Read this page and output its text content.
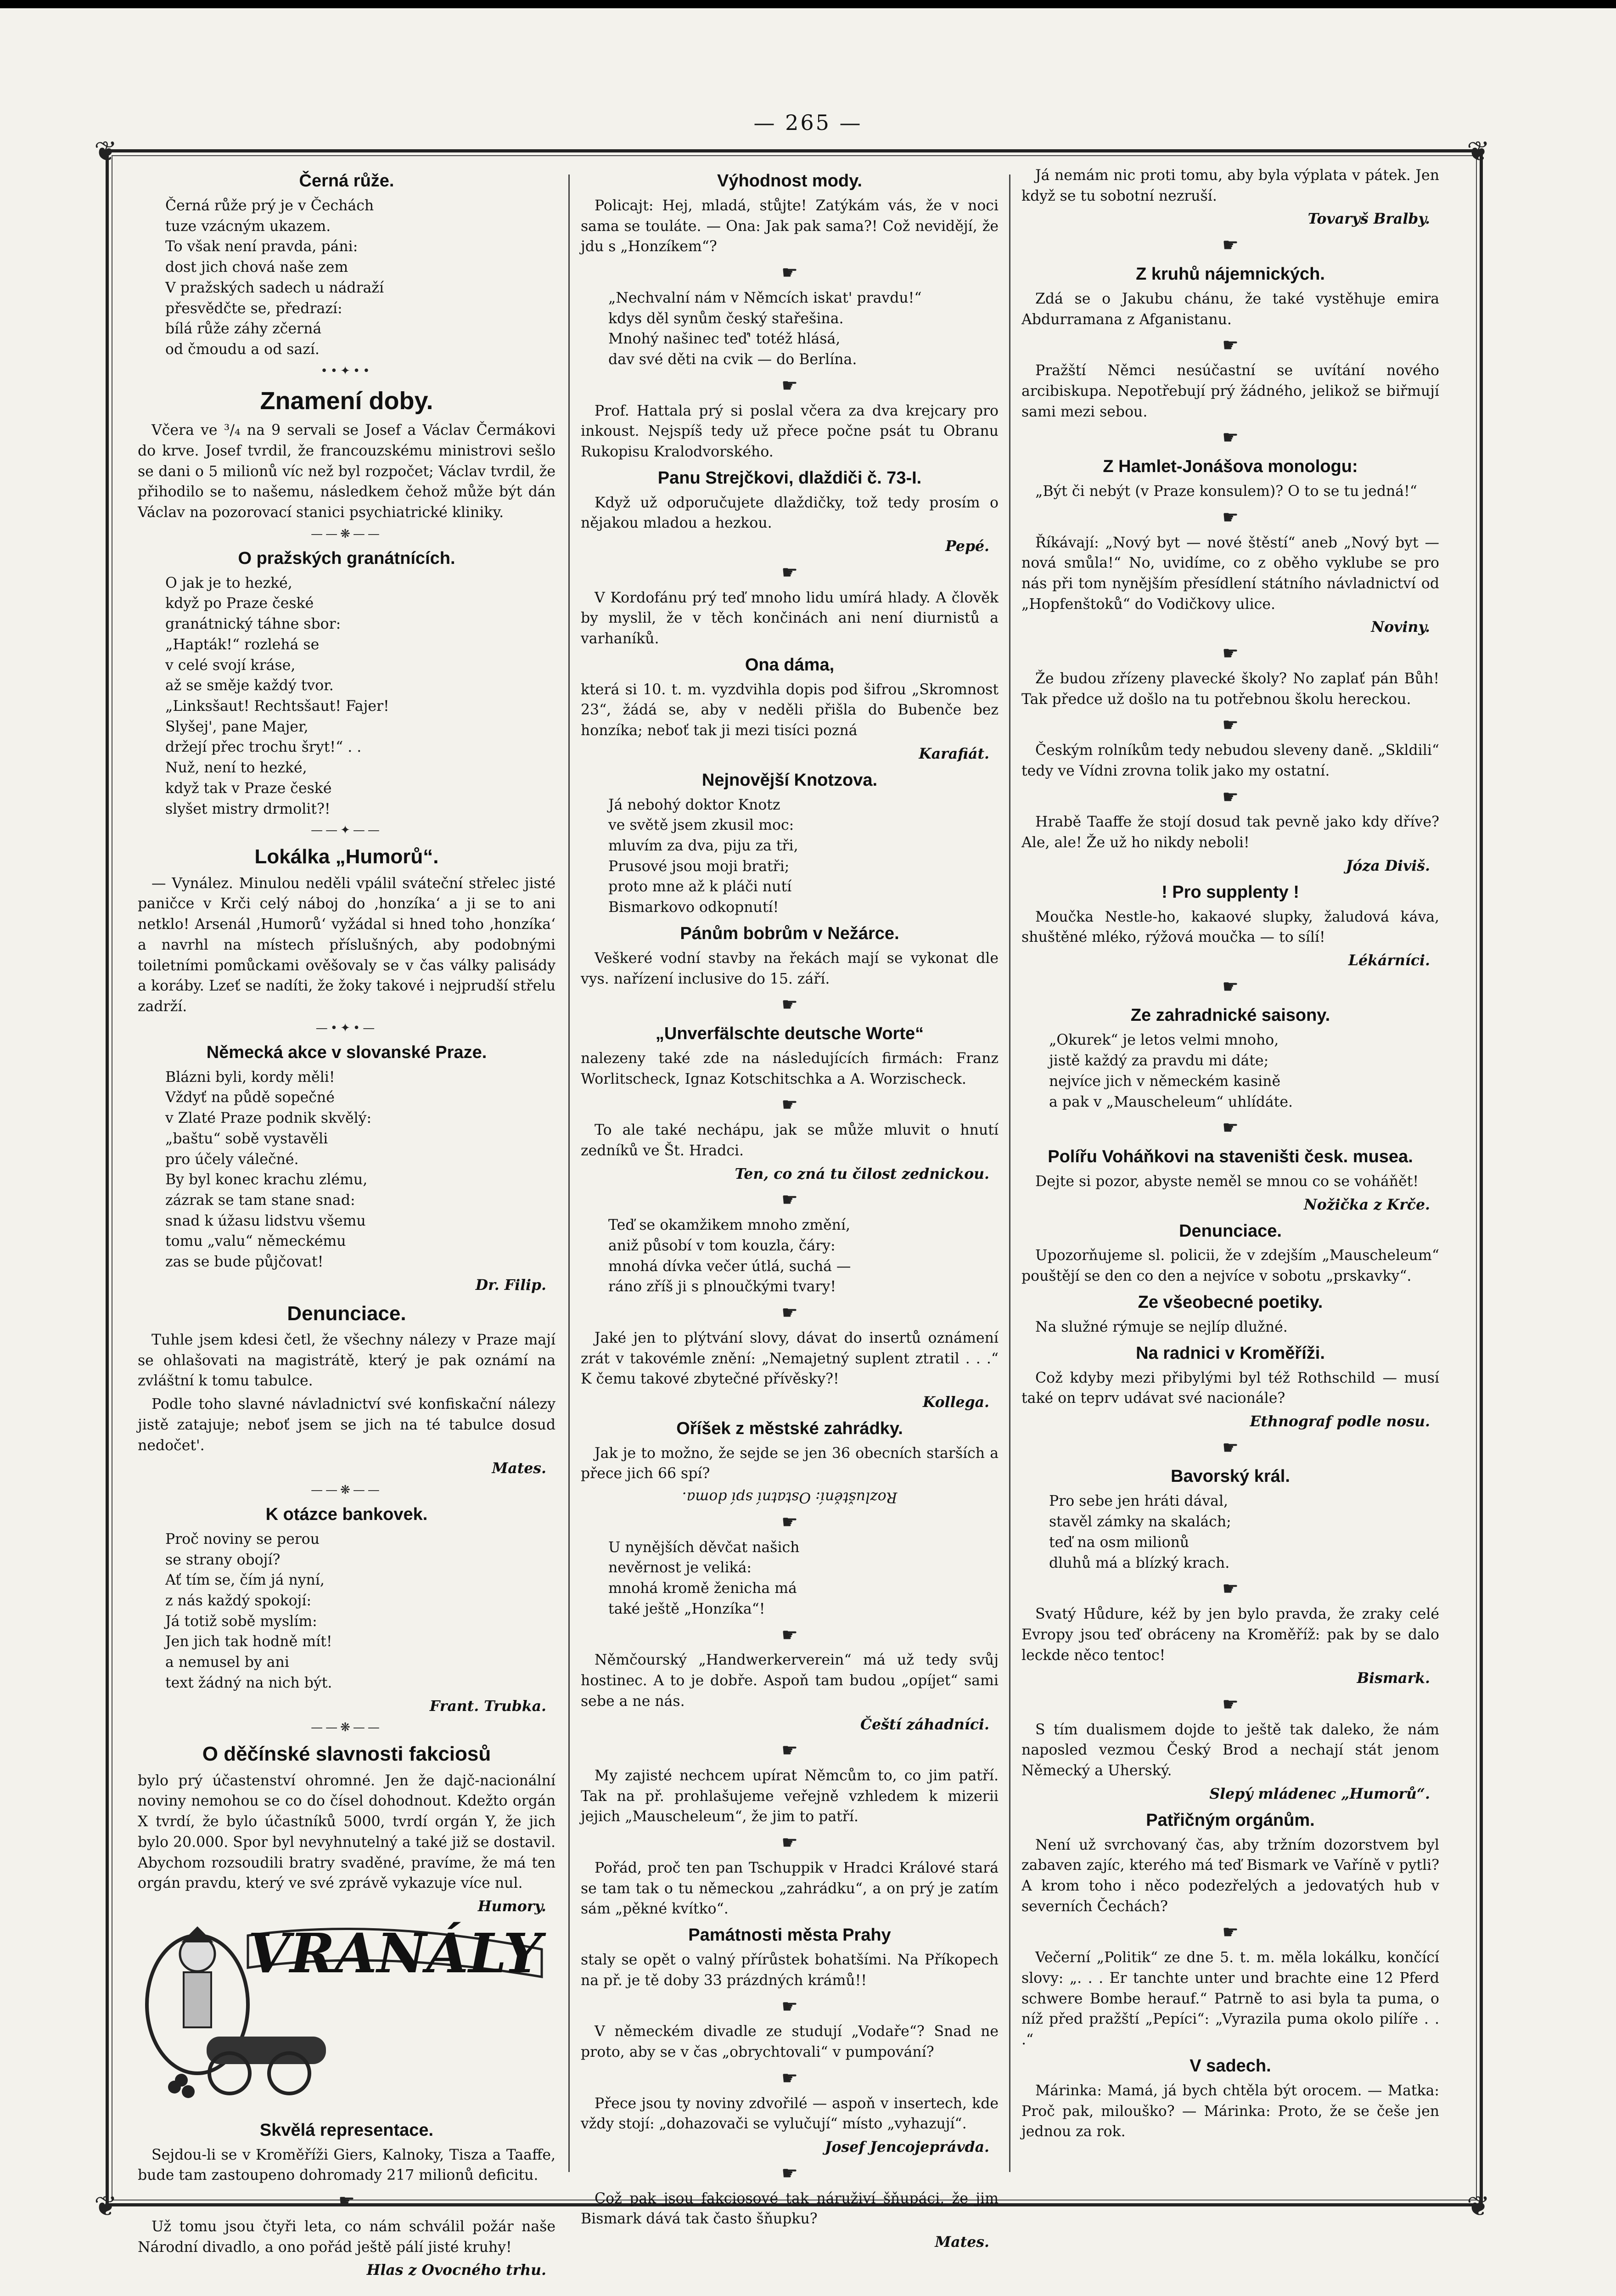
— 265 —
❦	❦
❦	❦
Černá růže.
Černá růže prý je v Čechách
tuze vzácným ukazem.
To však není pravda, páni:
dost jich chová naše zem
V pražských sadech u nádraží
přesvědčte se, předrazí:
bílá růže záhy zčerná
od čmoudu a od sazí.
••✦••
Znamení doby.

Včera ve ³/₄ na 9 servali se Josef a Václav Čermákovi do krve. Josef tvrdil, že francouzskému ministrovi sešlo se dani o 5 milionů víc než byl rozpočet; Václav tvrdil, že přihodilo se to našemu, následkem čehož může být dán Václav na pozorovací stanici psychiatrické kliniky.

——❋——
O pražských granátnících.
O jak je to hezké,
když po Praze české
granátnický táhne sbor:
„Hapták!“ rozlehá se
v celé svojí kráse,
až se směje každý tvor.
„Linksšaut! Rechtsšaut! Fajer!
Slyšej', pane Majer,
držejí přec trochu šryt!“ . .
Nuž, není to hezké,
když tak v Praze české
slyšet mistry drmolit?!
——✦——
Lokálka „Humorů“.

— Vynález. Minulou neděli vpálil sváteční střelec jisté paničce v Krči celý náboj do ‚honzíka‘ a ji se to ani netklo! Arsenál ‚Humorů‘ vyžádal si hned toho ‚honzíka‘ a navrhl na místech příslušných, aby podobnými toiletními pomůckami ověšovaly se v čas války palisády a koráby. Lzeť se nadíti, že žoky takové i nejprudší střelu zadrží.

—•✦•—
Německá akce v slovanské Praze.
Blázni byli, kordy měli!
Vždyť na půdě sopečné
v Zlaté Praze podnik skvělý:
„baštu“ sobě vystavěli
pro účely válečné.
By byl konec krachu zlému,
zázrak se tam stane snad:
snad k úžasu lidstvu všemu
tomu „valu“ německému
zas se bude půjčovat!
Dr. Filip.
Denunciace.

Tuhle jsem kdesi četl, že všechny nálezy v Praze mají se ohlašovati na magistrátě, který je pak oznámí na zvláštní k tomu tabulce.

Podle toho slavné návladnictví své konfiskační nálezy jistě zatajuje; neboť jsem se jich na té tabulce dosud nedočet'.

Mates.
——❋——
K otázce bankovek.
Proč noviny se perou
se strany obojí?
Ať tím se, čím já nyní,
z nás každý spokojí:
Já totiž sobě myslím:
Jen jich tak hodně mít!
a nemusel by ani
text žádný na nich být.
Frant. Trubka.
——❋——
O děčínské slavnosti fakciosů

bylo prý účastenství ohromné. Jen že dajč-nacionální noviny nemohou se co do čísel dohodnout. Kdežto orgán X tvrdí, že bylo účastníků 5000, tvrdí orgán Y, že jich bylo 20.000. Spor byl nevyhnutelný a také již se dostavil. Abychom rozsoudili bratry svaděné, pravíme, že má ten orgán pravdu, který ve své zprávě vykazuje více nul.

Humory.
VRANÁLY
Skvělá representace.

Sejdou-li se v Kroměříži Giers, Kalnoky, Tisza a Taaffe, bude tam zastoupeno dohromady 217 milionů deficitu.

☛

Už tomu jsou čtyři leta, co nám schválil požár naše Národní divadlo, a ono pořád ještě pálí jisté kruhy!

Hlas z Ovocného trhu.
Výhodnost mody.

Policajt: Hej, mladá, stůjte! Zatýkám vás, že v noci sama se touláte. — Ona: Jak pak sama?! Což nevidějí, že jdu s „Honzíkem“?

☛
„Nechvalní nám v Němcích iskat' pravdu!“
kdys děl synům český stařešina.
Mnohý našinec teď' totéž hlásá,
dav své děti na cvik — do Berlína.
☛

Prof. Hattala prý si poslal včera za dva krejcary pro inkoust. Nejspíš tedy už přece počne psát tu Obranu Rukopisu Kralodvorského.

Panu Strejčkovi, dlaždiči č. 73-I.

Když už odporučujete dlaždičky, tož tedy prosím o nějakou mladou a hezkou.

Pepé.
☛

V Kordofánu prý teď mnoho lidu umírá hlady. A člověk by myslil, že v těch končinách ani není diurnistů a varhaníků.

Ona dáma,

která si 10. t. m. vyzdvihla dopis pod šifrou „Skromnost 23“, žádá se, aby v neděli přišla do Bubenče bez honzíka; neboť tak ji mezi tisíci pozná

Karafiát.
Nejnovější Knotzova.
Já nebohý doktor Knotz
ve světě jsem zkusil moc:
mluvím za dva, piju za tři,
Prusové jsou moji bratři;
proto mne až k pláči nutí
Bismarkovo odkopnutí!
Pánům bobrům v Nežárce.

Veškeré vodní stavby na řekách mají se vykonat dle vys. nařízení inclusive do 15. září.

☛
„Unverfälschte deutsche Worte“

nalezeny také zde na následujících firmách: Franz Worlitscheck, Ignaz Kotschitschka a A. Worzischeck.

☛

To ale také nechápu, jak se může mluvit o hnutí zedníků ve Št. Hradci.

Ten, co zná tu čilost zednickou.
☛
Teď se okamžikem mnoho změní,
aniž působí v tom kouzla, čáry:
mnohá dívka večer útlá, suchá —
ráno zříš ji s plnoučkými tvary!
☛

Jaké jen to plýtvání slovy, dávat do insertů oznámení zrát v takovémle znění: „Nemajetný suplent ztratil . . .“ K čemu takové zbytečné přívěsky?!

Kollega.
Oříšek z městské zahrádky.

Jak je to možno, že sejde se jen 36 obecních starších a přece jich 66 spí?

Rozluštění: Ostatní spí doma.
☛
U nynějších děvčat našich
nevěrnost je veliká:
mnohá kromě ženicha má
také ještě „Honzíka“!
☛

Němčourský „Handwerkerverein“ má už tedy svůj hostinec. A to je dobře. Aspoň tam budou „opíjet“ sami sebe a ne nás.

Čeští záhadníci.
☛

My zajisté nechcem upírat Němcům to, co jim patří. Tak na př. prohlašujeme veřejně vzhledem k mizerii jejich „Mauscheleum“, že jim to patří.

☛

Pořád, proč ten pan Tschuppik v Hradci Králové stará se tam tak o tu německou „zahrádku“, a on prý je zatím sám „pěkné kvítko“.

Památnosti města Prahy

staly se opět o valný přírůstek bohatšími. Na Příkopech na př. je tě doby 33 prázdných krámů!!

☛

V německém divadle ze studují „Vodaře“? Snad ne proto, aby se v čas „obrychtovali“ v pumpování?

☛

Přece jsou ty noviny zdvořilé — aspoň v insertech, kde vždy stojí: „dohazovači se vylučují“ místo „vyhazují“.

Josef Jencojeprávda.
☛

Což pak jsou fakciosové tak náruživí šňupáci, že jim Bismark dává tak často šňupku?

Mates.

Já nemám nic proti tomu, aby byla výplata v pátek. Jen když se tu sobotní nezruší.

Tovaryš Bralby.
☛
Z kruhů nájemnických.

Zdá se o Jakubu chánu, že také vystěhuje emira Abdurramana z Afganistanu.

☛

Pražští Němci nesúčastní se uvítání nového arcibiskupa. Nepotřebují prý žádného, jelikož se biřmují sami mezi sebou.

☛
Z Hamlet-Jonášova monologu:

„Být či nebýt (v Praze konsulem)? O to se tu jedná!“

☛

Říkávají: „Nový byt — nové štěstí“ aneb „Nový byt — nová smůla!“ No, uvidíme, co z oběho vyklube se pro nás při tom nynějším přesídlení státního návladnictví od „Hopfenštoků“ do Vodičkovy ulice.

Noviny.
☛

Že budou zřízeny plavecké školy? No zaplať pán Bůh! Tak předce už došlo na tu potřebnou školu hereckou.

☛

Českým rolníkům tedy nebudou sleveny daně. „Skldili“ tedy ve Vídni zrovna tolik jako my ostatní.

☛

Hrabě Taaffe že stojí dosud tak pevně jako kdy dříve? Ale, ale! Že už ho nikdy neboli!

Józa Diviš.
! Pro supplenty !

Moučka Nestle-ho, kakaové slupky, žaludová káva, shuštěné mléko, rýžová moučka — to sílí!

Lékárníci.
☛
Ze zahradnické saisony.
„Okurek“ je letos velmi mnoho,
jistě každý za pravdu mi dáte;
nejvíce jich v německém kasině
a pak v „Mauscheleum“ uhlídáte.
☛
Polířu Voháňkovi na staveništi česk. musea.

Dejte si pozor, abyste neměl se mnou co se voháňět!

Nožička z Krče.
Denunciace.

Upozorňujeme sl. policii, že v zdejším „Mauscheleum“ pouštějí se den co den a nejvíce v sobotu „prskavky“.

Ze všeobecné poetiky.

Na služné rýmuje se nejlíp dlužné.

Na radnici v Kroměříži.

Což kdyby mezi přibylými byl též Rothschild — musí také on teprv udávat své nacionále?

Ethnograf podle nosu.
☛
Bavorský král.
Pro sebe jen hráti dával,
stavěl zámky na skalách;
teď na osm milionů
dluhů má a blízký krach.
☛

Svatý Hůdure, kéž by jen bylo pravda, že zraky celé Evropy jsou teď obráceny na Kroměříž: pak by se dalo leckde něco tentoc!

Bismark.
☛

S tím dualismem dojde to ještě tak daleko, že nám naposled vezmou Český Brod a nechají stát jenom Německý a Uherský.

Slepý mládenec „Humorů“.
Patřičným orgánům.

Není už svrchovaný čas, aby tržním dozorstvem byl zabaven zajíc, kterého má teď Bismark ve Vaříně v pytli? A krom toho i něco podezřelých a jedovatých hub v severních Čechách?

☛

Večerní „Politik“ ze dne 5. t. m. měla lokálku, končící slovy: „. . . Er tanchte unter und brachte eine 12 Pferd schwere Bombe herauf.“ Patrně to asi byla ta puma, o níž před pražští „Pepíci“: „Vyrazila puma okolo pilíře . . .“

V sadech.

Márinka: Mamá, já bych chtěla být orocem. — Matka: Proč pak, milouško? — Márinka: Proto, že se češe jen jednou za rok.
